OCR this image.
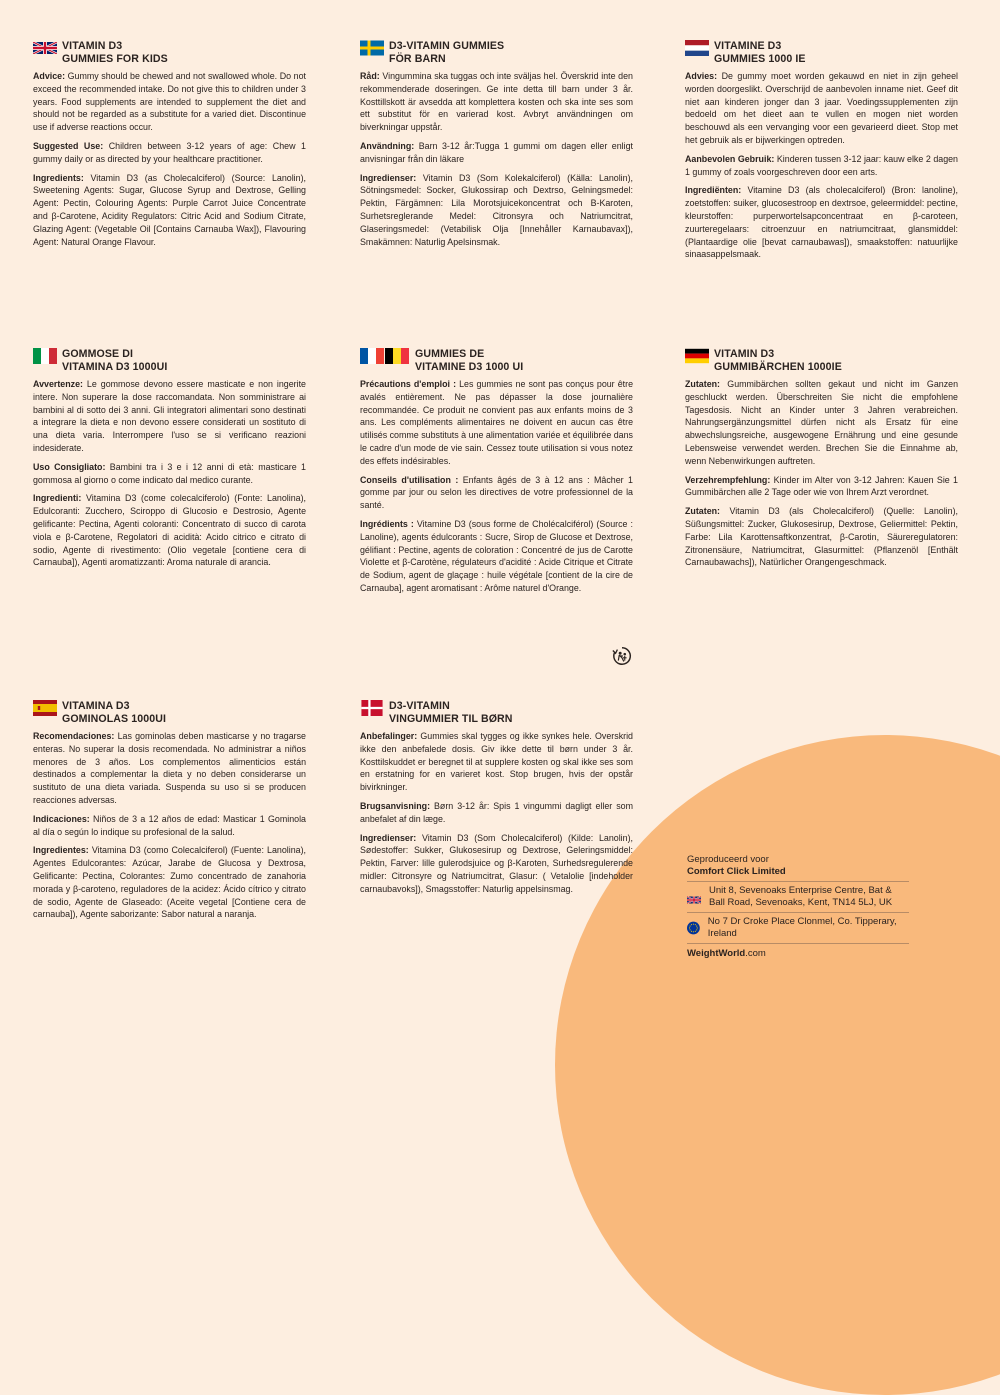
VITAMIN D3
GUMMIES FOR KIDS

Advice: Gummy should be chewed and not swallowed whole. Do not exceed the recommended intake. Do not give this to children under 3 years. Food supplements are intended to supplement the diet and should not be regarded as a substitute for a varied diet. Discontinue use if adverse reactions occur.

Suggested Use: Children between 3-12 years of age: Chew 1 gummy daily or as directed by your healthcare practitioner.

Ingredients: Vitamin D3 (as Cholecalciferol) (Source: Lanolin), Sweetening Agents: Sugar, Glucose Syrup and Dextrose, Gelling Agent: Pectin, Colouring Agents: Purple Carrot Juice Concentrate and β-Carotene, Acidity Regulators: Citric Acid and Sodium Citrate, Glazing Agent: (Vegetable Oil [Contains Carnauba Wax]), Flavouring Agent: Natural Orange Flavour.

D3-VITAMIN GUMMIES
FÖR BARN

Råd: Vingummina ska tuggas och inte sväljas hel. Överskrid inte den rekommenderade doseringen. Ge inte detta till barn under 3 år. Kosttillskott är avsedda att komplettera kosten och ska inte ses som ett substitut för en varierad kost. Avbryt användningen om biverkningar uppstår.

Användning: Barn 3-12 år:Tugga 1 gummi om dagen eller enligt anvisningar från din läkare

Ingredienser: Vitamin D3 (Som Kolekalciferol) (Källa: Lanolin), Sötningsmedel: Socker, Glukossirap och Dextrso, Gelningsmedel: Pektin, Färgämnen: Lila Morotsjuicekoncentrat och B-Karoten, Surhetsreglerande Medel: Citronsyra och Natriumcitrat, Glaseringsmedel: (Vetabilisk Olja [Innehåller Karnaubavax]), Smakämnen: Naturlig Apelsinsmak.

VITAMINE D3
GUMMIES 1000 IE

Advies: De gummy moet worden gekauwd en niet in zijn geheel worden doorgeslikt. Overschrijd de aanbevolen inname niet. Geef dit niet aan kinderen jonger dan 3 jaar. Voedingssupplementen zijn bedoeld om het dieet aan te vullen en mogen niet worden beschouwd als een vervanging voor een gevarieerd dieet. Stop met het gebruik als er bijwerkingen optreden.

Aanbevolen Gebruik: Kinderen tussen 3-12 jaar: kauw elke 2 dagen 1 gummy of zoals voorgeschreven door een arts.

Ingrediënten: Vitamine D3 (als cholecalciferol) (Bron: lanoline), zoetstoffen: suiker, glucosestroop en dextrsoe, geleermiddel: pectine, kleurstoffen: purperwortelsapconcentraat en β-caroteen, zuurteregelaars: citroenzuur en natriumcitraat, glansmiddel: (Plantaardige olie [bevat carnaubawas]), smaakstoffen: natuurlijke sinaasappelsmaak.

GOMMOSE DI
VITAMINA D3 1000UI

Avvertenze: Le gommose devono essere masticate e non ingerite intere. Non superare la dose raccomandata. Non somministrare ai bambini al di sotto dei 3 anni. Gli integratori alimentari sono destinati a integrare la dieta e non devono essere considerati un sostituto di una dieta varia. Interrompere l'uso se si verificano reazioni indesiderate.

Uso Consigliato: Bambini tra i 3 e i 12 anni di età: masticare 1 gommosa al giorno o come indicato dal medico curante.

Ingredienti: Vitamina D3 (come colecalciferolo) (Fonte: Lanolina), Edulcoranti: Zucchero, Sciroppo di Glucosio e Destrosio, Agente gelificante: Pectina, Agenti coloranti: Concentrato di succo di carota viola e β-Carotene, Regolatori di acidità: Acido citrico e citrato di sodio, Agente di rivestimento: (Olio vegetale [contiene cera di Carnauba]), Agenti aromatizzanti: Aroma naturale di arancia.

GUMMIES DE
VITAMINE D3 1000 UI

Précautions d'emploi : Les gummies ne sont pas conçus pour être avalés entièrement. Ne pas dépasser la dose journalière recommandée. Ce produit ne convient pas aux enfants moins de 3 ans. Les compléments alimentaires ne doivent en aucun cas être utilisés comme substituts à une alimentation variée et équilibrée dans le cadre d'un mode de vie sain. Cessez toute utilisation si vous notez des effets indésirables.

Conseils d'utilisation : Enfants âgés de 3 à 12 ans : Mâcher 1 gomme par jour ou selon les directives de votre professionnel de la santé.

Ingrédients : Vitamine D3 (sous forme de Cholécalciférol) (Source : Lanoline), agents édulcorants : Sucre, Sirop de Glucose et Dextrose, gélifiant : Pectine, agents de coloration : Concentré de jus de Carotte Violette et β-Carotène, régulateurs d'acidité : Acide Citrique et Citrate de Sodium, agent de glaçage : huile végétale [contient de la cire de Carnauba], agent aromatisant : Arôme naturel d'Orange.

VITAMIN D3
GUMMIBÄRCHEN 1000IE

Zutaten: Gummibärchen sollten gekaut und nicht im Ganzen geschluckt werden. Überschreiten Sie nicht die empfohlene Tagesdosis. Nicht an Kinder unter 3 Jahren verabreichen. Nahrungsergänzungsmittel dürfen nicht als Ersatz für eine abwechslungsreiche, ausgewogene Ernährung und eine gesunde Lebensweise verwendet werden. Brechen Sie die Einnahme ab, wenn Nebenwirkungen auftreten.

Verzehrempfehlung: Kinder im Alter von 3-12 Jahren: Kauen Sie 1 Gummibärchen alle 2 Tage oder wie von Ihrem Arzt verordnet.

Zutaten: Vitamin D3 (als Cholecalciferol) (Quelle: Lanolin), Süßungsmittel: Zucker, Glukosesirup, Dextrose, Geliermittel: Pektin, Farbe: Lila Karottensaftkonzentrat, β-Carotin, Säureregulatoren: Zitronensäure, Natriumcitrat, Glasurmittel: (Pflanzenöl [Enthält Carnaubawachs]), Natürlicher Orangengeschmack.

VITAMINA D3
GOMINOLAS 1000UI

Recomendaciones: Las gominolas deben masticarse y no tragarse enteras. No superar la dosis recomendada. No administrar a niños menores de 3 años. Los complementos alimenticios están destinados a complementar la dieta y no deben considerarse un sustituto de una dieta variada. Suspenda su uso si se producen reacciones adversas.

Indicaciones: Niños de 3 a 12 años de edad: Masticar 1 Gominola al día o según lo indique su profesional de la salud.

Ingredientes: Vitamina D3 (como Colecalciferol) (Fuente: Lanolina), Agentes Edulcorantes: Azúcar, Jarabe de Glucosa y Dextrosa, Gelificante: Pectina, Colorantes: Zumo concentrado de zanahoria morada y β-caroteno, reguladores de la acidez: Ácido cítrico y citrato de sodio, Agente de Glaseado: (Aceite vegetal [Contiene cera de carnauba]), Agente saborizante: Sabor natural a naranja.

D3-VITAMIN
VINGUMMIER TIL BØRN

Anbefalinger: Gummies skal tygges og ikke synkes hele. Overskrid ikke den anbefalede dosis. Giv ikke dette til børn under 3 år. Kosttilskuddet er beregnet til at supplere kosten og skal ikke ses som en erstatning for en varieret kost. Stop brugen, hvis der opstår bivirkninger.

Brugsanvisning: Børn 3-12 år: Spis 1 vingummi dagligt eller som anbefalet af din læge.

Ingredienser: Vitamin D3 (Som Cholecalciferol) (Kilde: Lanolin), Sødestoffer: Sukker, Glukosesirup og Dextrose, Geleringsmiddel: Pektin, Farver: lille gulerodsjuice og β-Karoten, Surhedsregulerende midler: Citronsyre og Natriumcitrat, Glasur: ( Vetalolie [indeholder carnaubavoks]), Smagsstoffer: Naturlig appelsinsmag.

Geproduceerd voor
Comfort Click Limited
Unit 8, Sevenoaks Enterprise Centre, Bat & Ball Road, Sevenoaks, Kent, TN14 5LJ, UK
No 7 Dr Croke Place Clonmel, Co. Tipperary, Ireland
WeightWorld.com
